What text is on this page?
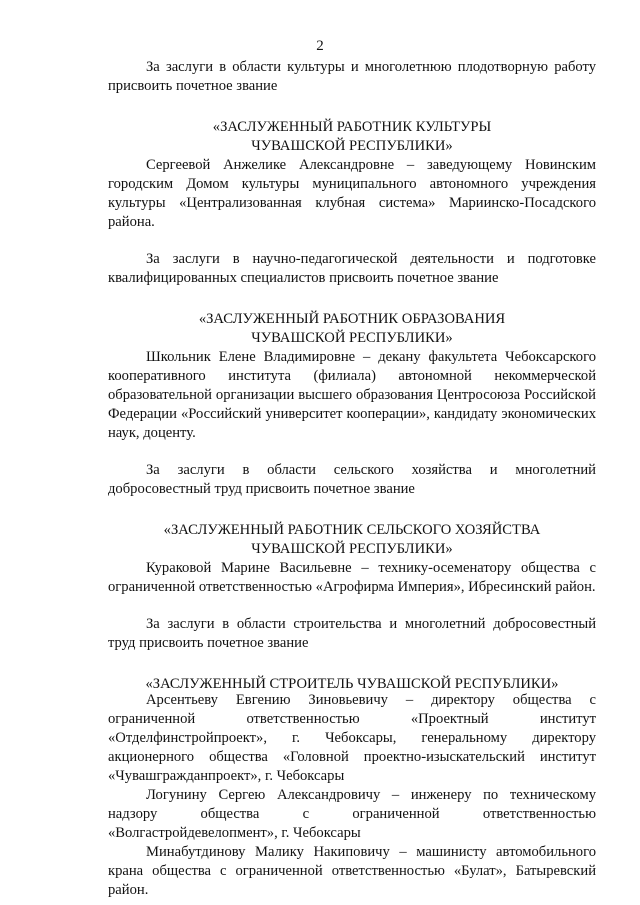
2

За заслуги в области культуры и многолетнюю плодотворную работу присвоить почетное звание

«ЗАСЛУЖЕННЫЙ РАБОТНИК КУЛЬТУРЫ
ЧУВАШСКОЙ РЕСПУБЛИКИ»

Сергеевой Анжелике Александровне – заведующему Новинским городским Домом культуры муниципального автономного учреждения культуры «Централизованная клубная система» Мариинско-Посадского района.

За заслуги в научно-педагогической деятельности и подготовке квалифицированных специалистов присвоить почетное звание

«ЗАСЛУЖЕННЫЙ РАБОТНИК ОБРАЗОВАНИЯ
ЧУВАШСКОЙ РЕСПУБЛИКИ»

Школьник Елене Владимировне – декану факультета Чебоксарского кооперативного института (филиала) автономной некоммерческой образовательной организации высшего образования Центросоюза Российской Федерации «Российский университет кооперации», кандидату экономических наук, доценту.

За заслуги в области сельского хозяйства и многолетний добросовестный труд присвоить почетное звание

«ЗАСЛУЖЕННЫЙ РАБОТНИК СЕЛЬСКОГО ХОЗЯЙСТВА
ЧУВАШСКОЙ РЕСПУБЛИКИ»

Кураковой Марине Васильевне – технику-осеменатору общества с ограниченной ответственностью «Агрофирма Империя», Ибресинский район.

За заслуги в области строительства и многолетний добросовестный труд присвоить почетное звание

«ЗАСЛУЖЕННЫЙ СТРОИТЕЛЬ ЧУВАШСКОЙ РЕСПУБЛИКИ»

Арсентьеву Евгению Зиновьевичу – директору общества с ограниченной ответственностью «Проектный институт «Отделфинстройпроект», г. Чебоксары, генеральному директору акционерного общества «Головной проектно-изыскательский институт «Чувашгражданпроект», г. Чебоксары

Логунину Сергею Александровичу – инженеру по техническому надзору общества с ограниченной ответственностью «Волгастройдевелопмент», г. Чебоксары

Минабутдинову Малику Накиповичу – машинисту автомобильного крана общества с ограниченной ответственностью «Булат», Батыревский район.
